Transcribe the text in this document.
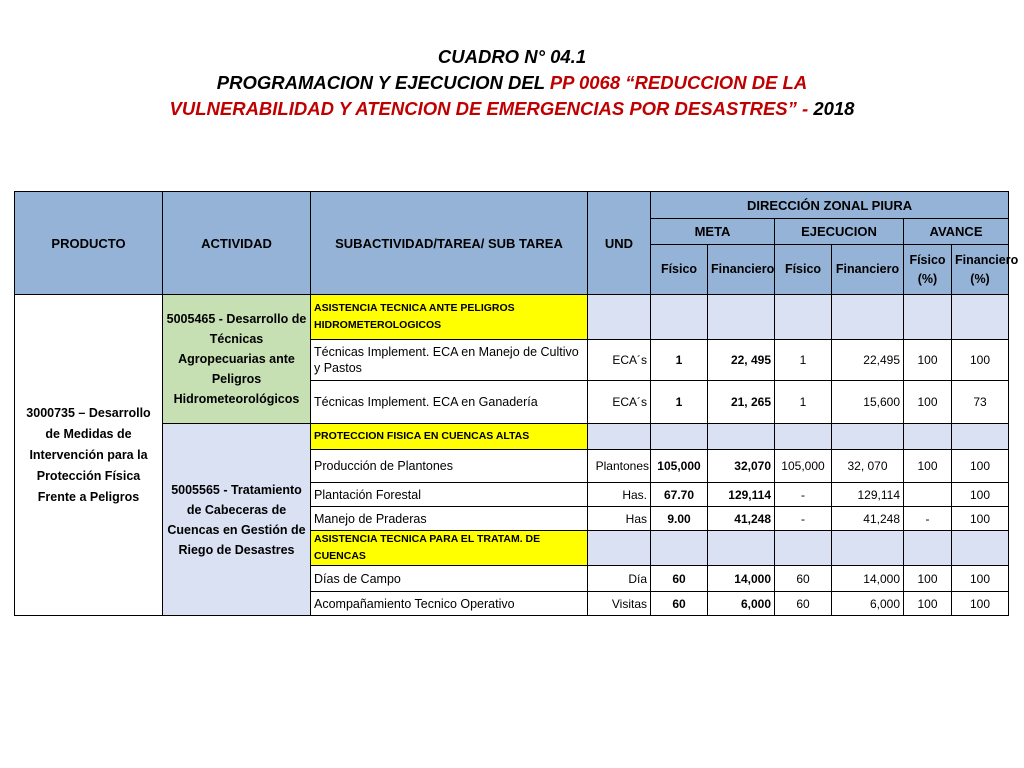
CUADRO N° 04.1
PROGRAMACION Y EJECUCION DEL PP 0068 “REDUCCION DE LA
VULNERABILIDAD Y ATENCION DE EMERGENCIAS POR DESASTRES” - 2018
PRODUCTO	ACTIVIDAD	SUBACTIVIDAD/TAREA/ SUB TAREA	UND	DIRECCIÓN ZONAL PIURA					
				META		EJECUCION		AVANCE	
				Físico	Financiero	Físico	Financiero	Físico (%)	Financiero (%)
3000735 – Desarrollo de Medidas de Intervención para la Protección Física Frente a Peligros	5005465 - Desarrollo de Técnicas Agropecuarias ante Peligros Hidrometeorológicos	ASISTENCIA TECNICA ANTE PELIGROS HIDROMETEROLOGICOS							
		Técnicas Implement. ECA en Manejo de Cultivo y Pastos	ECA´s	1	22, 495	1	22,495	100	100
		Técnicas Implement. ECA en Ganadería	ECA´s	1	21, 265	1	15,600	100	73
	5005565 - Tratamiento de Cabeceras de Cuencas en Gestión de Riego de Desastres	PROTECCION FISICA EN CUENCAS ALTAS							
		Producción de Plantones	Plantones	105,000	32,070	105,000	32, 070	100	100
		Plantación Forestal	Has.	67.70	129,114	-	129,114		100
		Manejo de Praderas	Has	9.00	41,248	-	41,248	-	100
		ASISTENCIA TECNICA PARA EL TRATAM. DE CUENCAS							
		Días de Campo	Día	60	14,000	60	14,000	100	100
		Acompañamiento Tecnico Operativo	Visitas	60	6,000	60	6,000	100	100
